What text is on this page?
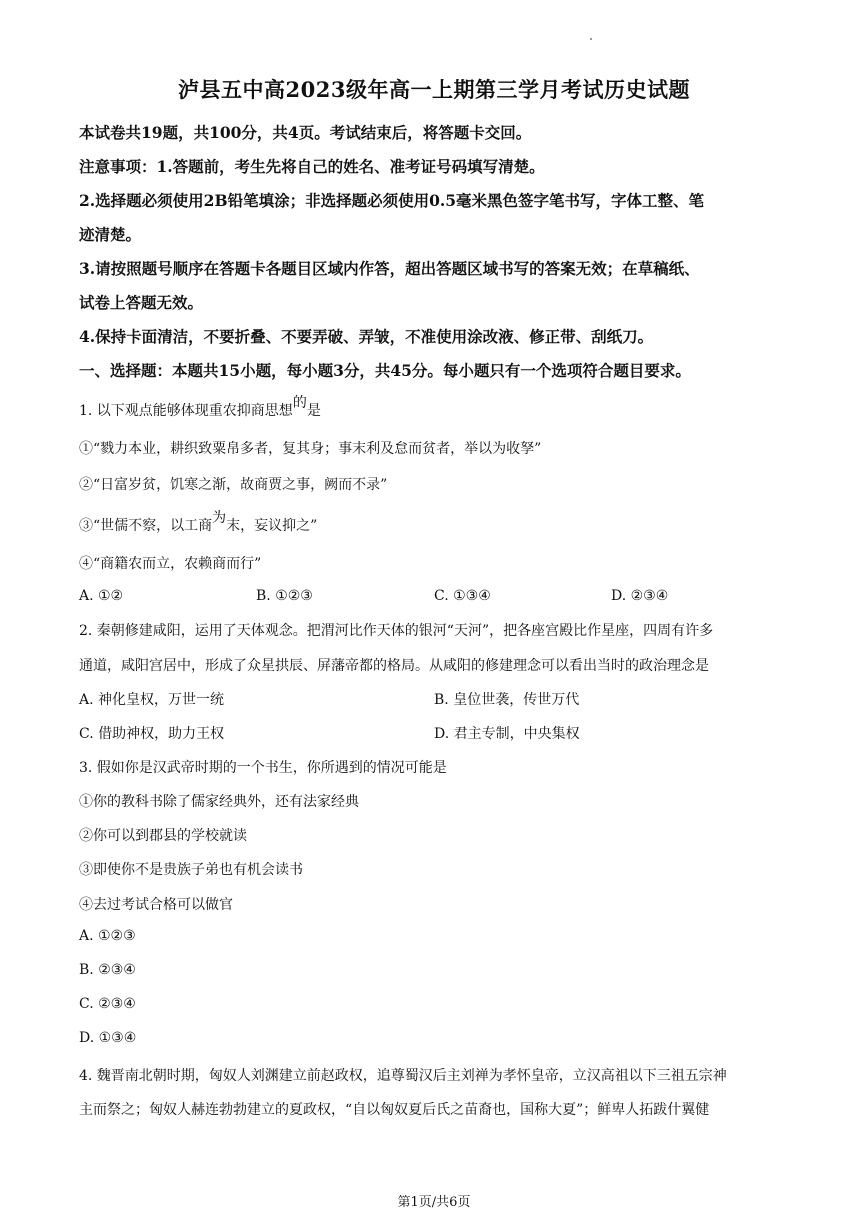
泸县五中高2023级年高一上期第三学月考试历史试题
本试卷共19题，共100分，共4页。考试结束后，将答题卡交回。
注意事项：1.答题前，考生先将自己的姓名、准考证号码填写清楚。
2.选择题必须使用2B铅笔填涂；非选择题必须使用0.5毫米黑色签字笔书写，字体工整、笔
迹清楚。
3.请按照题号顺序在答题卡各题目区域内作答，超出答题区域书写的答案无效；在草稿纸、
试卷上答题无效。
4.保持卡面清洁，不要折叠、不要弄破、弄皱，不准使用涂改液、修正带、刮纸刀。
一、选择题：本题共15小题，每小题3分，共45分。每小题只有一个选项符合题目要求。
1. 以下观点能够体现重农抑商思想的是
①“戮力本业，耕织致粟帛多者，复其身；事末利及怠而贫者，举以为收孥”
②“日富岁贫，饥寒之渐，故商贾之事，阙而不录”
③“世儒不察，以工商为末，妄议抑之”
④“商籍农而立，农赖商而行”
A. ①②	B. ①②③	C. ①③④	D. ②③④
2. 秦朝修建咸阳，运用了天体观念。把渭河比作天体的银河“天河”，把各座宫殿比作星座，四周有许多
通道，咸阳宫居中，形成了众星拱辰、屏藩帝都的格局。从咸阳的修建理念可以看出当时的政治理念是
A. 神化皇权，万世一统	B. 皇位世袭，传世万代
C. 借助神权，助力王权	D. 君主专制，中央集权
3. 假如你是汉武帝时期的一个书生，你所遇到的情况可能是
①你的教科书除了儒家经典外，还有法家经典
②你可以到郡县的学校就读
③即使你不是贵族子弟也有机会读书
④去过考试合格可以做官
A. ①②③
B. ②③④
C. ②③④
D. ①③④
4. 魏晋南北朝时期，匈奴人刘渊建立前赵政权，追尊蜀汉后主刘禅为孝怀皇帝，立汉高祖以下三祖五宗神
主而祭之；匈奴人赫连勃勃建立的夏政权，“自以匈奴夏后氏之苗裔也，国称大夏”；鲜卑人拓跋什翼健
第1页/共6页
